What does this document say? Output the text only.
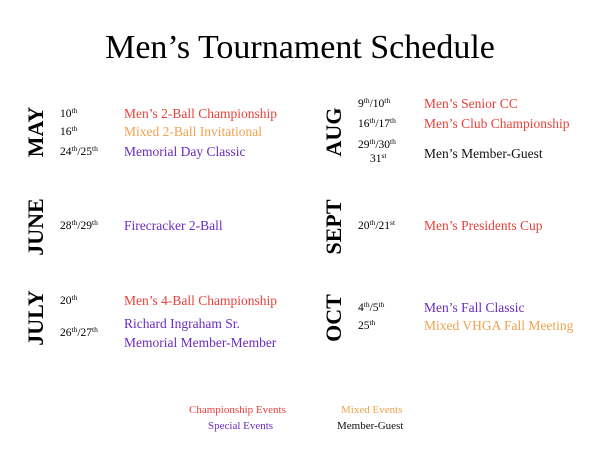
Men’s Tournament Schedule
MAY
JUNE
JULY
AUG
SEPT
OCT
10th	Men’s 2-Ball Championship
16th	Mixed 2-Ball Invitational
24th/25th Memorial Day Classic
28th/29th Firecracker 2-Ball
20th	Men’s 4-Ball Championship
26th/27th Richard Ingraham Sr.
Memorial Member-Member
9th/10th	Men’s Senior CC
16th/17th Men’s Club Championship
29th/30th
31st	Men’s Member-Guest
20th/21st Men’s Presidents Cup
4th/5th	Men’s Fall Classic
25th	Mixed VHGA Fall Meeting
Championship Events	Mixed Events
Special Events	Member-Guest
